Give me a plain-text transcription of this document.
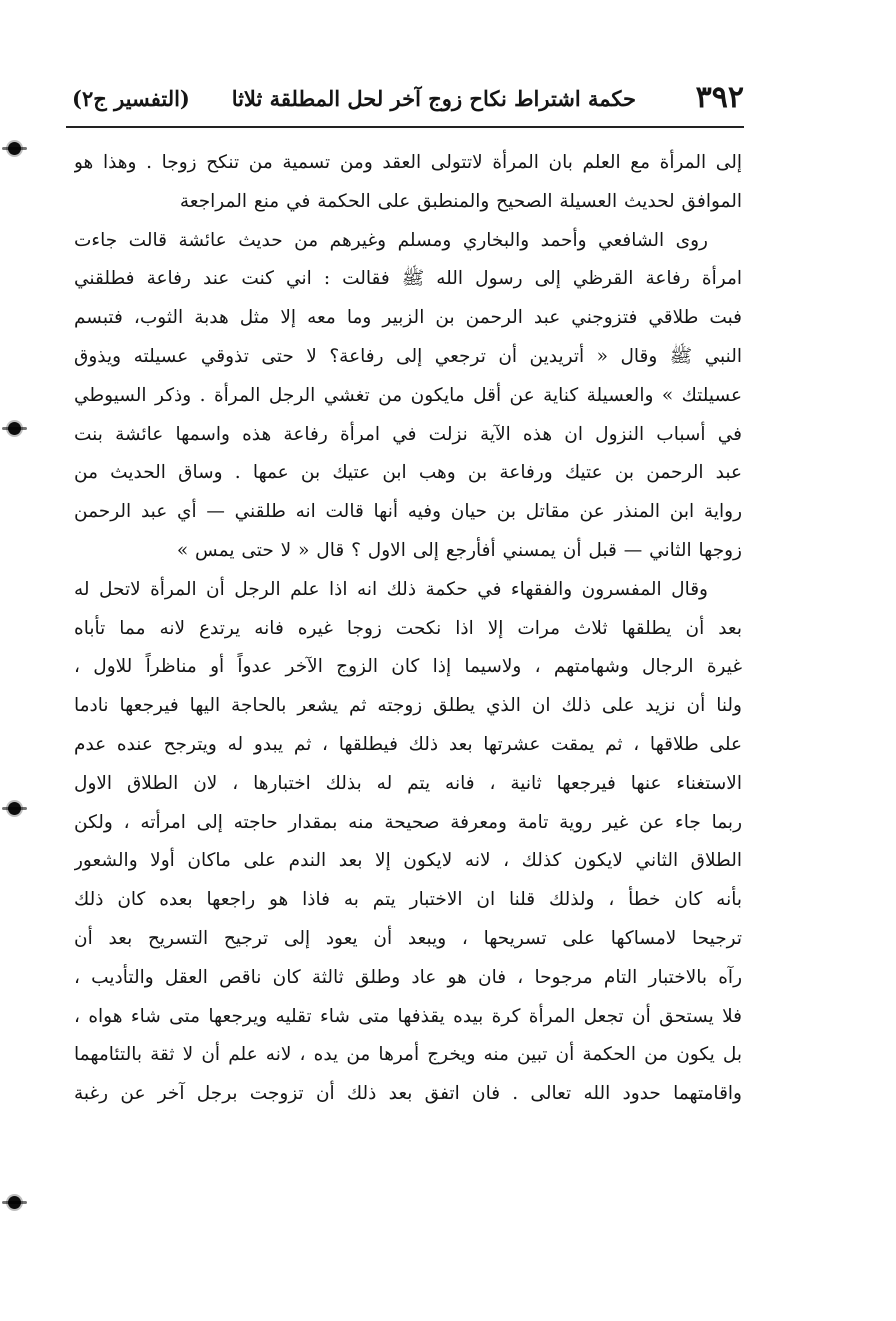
٣٩٢
حكمة اشتراط نكاح زوج آخر لحل المطلقة ثلاثا
(التفسير ج٢)
إلى المرأة مع العلم بان المرأة لاتتولى العقد ومن تسمية من تنكح زوجا . وهذا هو
الموافق لحديث العسيلة الصحيح والمنطبق على الحكمة في منع المراجعة
روى الشافعي وأحمد والبخاري ومسلم وغيرهم من حديث عائشة قالت جاءت
امرأة رفاعة القرظي إلى رسول الله ﷺ فقالت : اني كنت عند رفاعة فطلقني
فبت طلاقي فتزوجني عبد الرحمن بن الزبير وما معه إلا مثل هدبة الثوب، فتبسم
النبي ﷺ وقال « أتريدين أن ترجعي إلى رفاعة؟ لا حتى تذوقي عسيلته ويذوق
عسيلتك » والعسيلة كناية عن أقل مايكون من تغشي الرجل المرأة . وذكر السيوطي
في أسباب النزول ان هذه الآية نزلت في امرأة رفاعة هذه واسمها عائشة بنت
عبد الرحمن بن عتيك ورفاعة بن وهب ابن عتيك بن عمها . وساق الحديث من
رواية ابن المنذر عن مقاتل بن حيان وفيه أنها قالت انه طلقني — أي عبد الرحمن
زوجها الثاني — قبل أن يمسني أفأرجع إلى الاول ؟ قال « لا حتى يمس »
وقال المفسرون والفقهاء في حكمة ذلك انه اذا علم الرجل أن المرأة لاتحل له
بعد أن يطلقها ثلاث مرات إلا اذا نكحت زوجا غيره فانه يرتدع لانه مما تأباه
غيرة الرجال وشهامتهم ، ولاسيما إذا كان الزوج الآخر عدواً أو مناظراً للاول ،
ولنا أن نزيد على ذلك ان الذي يطلق زوجته ثم يشعر بالحاجة اليها فيرجعها نادما
على طلاقها ، ثم يمقت عشرتها بعد ذلك فيطلقها ، ثم يبدو له ويترجح عنده عدم
الاستغناء عنها فيرجعها ثانية ، فانه يتم له بذلك اختبارها ، لان الطلاق الاول
ربما جاء عن غير روية تامة ومعرفة صحيحة منه بمقدار حاجته إلى امرأته ، ولكن
الطلاق الثاني لايكون كذلك ، لانه لايكون إلا بعد الندم على ماكان أولا والشعور
بأنه كان خطأ ، ولذلك قلنا ان الاختبار يتم به فاذا هو راجعها بعده كان ذلك
ترجيحا لامساكها على تسريحها ، ويبعد أن يعود إلى ترجيح التسريح بعد أن
رآه بالاختبار التام مرجوحا ، فان هو عاد وطلق ثالثة كان ناقص العقل والتأديب ،
فلا يستحق أن تجعل المرأة كرة بيده يقذفها متى شاء تقليه ويرجعها متى شاء هواه ،
بل يكون من الحكمة أن تبين منه ويخرج أمرها من يده ، لانه علم أن لا ثقة بالتئامهما
واقامتهما حدود الله تعالى . فان اتفق بعد ذلك أن تزوجت برجل آخر عن رغبة
